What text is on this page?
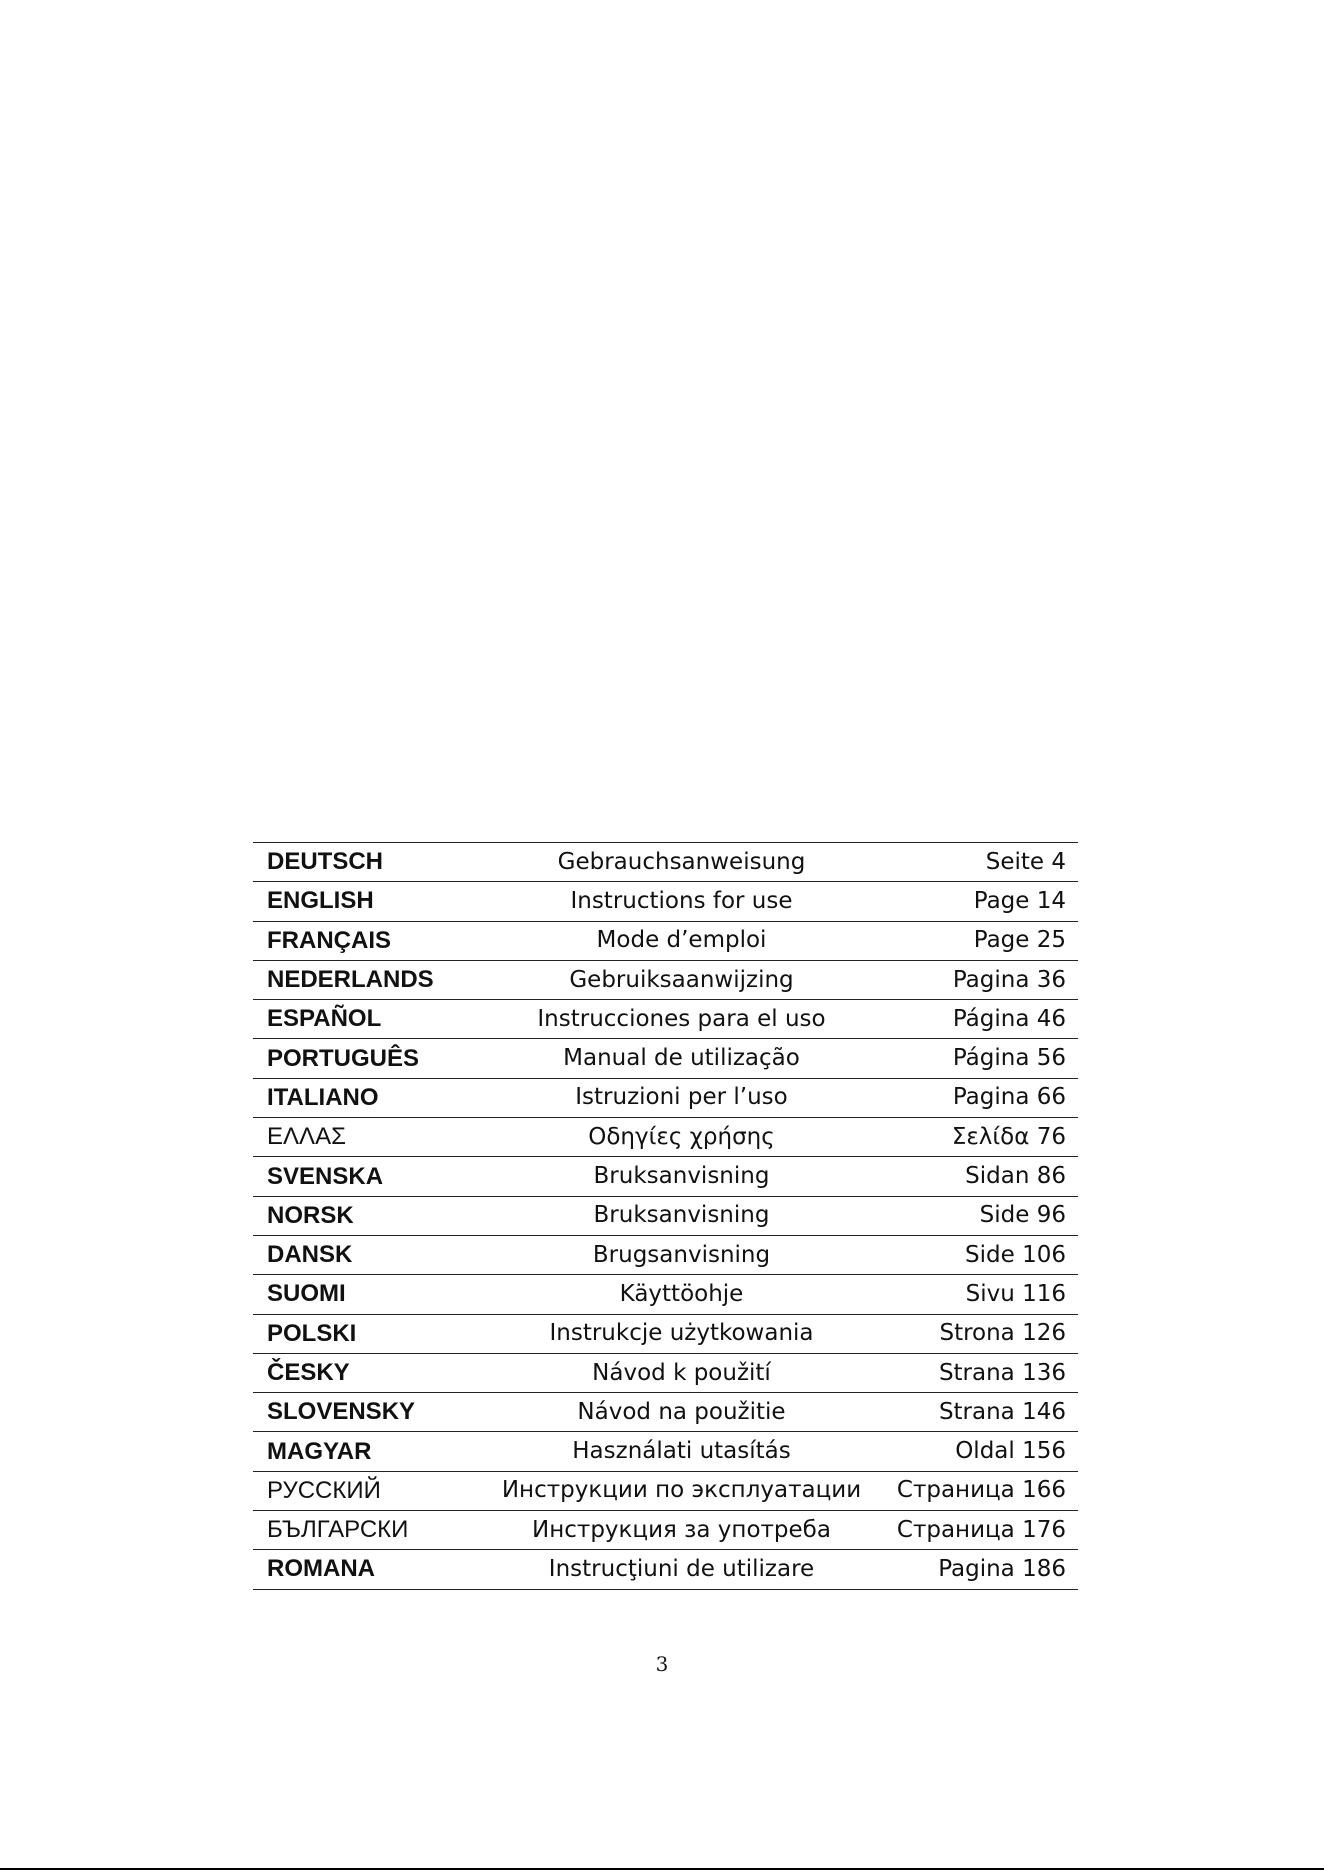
DEUTSCH	Gebrauchsanweisung	Seite 4
ENGLISH	Instructions for use	Page 14
FRANÇAIS	Mode d’emploi	Page 25
NEDERLANDS	Gebruiksaanwijzing	Pagina 36
ESPAÑOL	Instrucciones para el uso	Página 46
PORTUGUÊS	Manual de utilização	Página 56
ITALIANO	Istruzioni per l’uso	Pagina 66
ΕΛΛΑΣ	Οδηγίες χρήσης	Σελίδα 76
SVENSKA	Bruksanvisning	Sidan 86
NORSK	Bruksanvisning	Side 96
DANSK	Brugsanvisning	Side 106
SUOMI	Käyttöohje	Sivu 116
POLSKI	Instrukcje użytkowania	Strona 126
ČESKY	Návod k použití	Strana 136
SLOVENSKY	Návod na použitie	Strana 146
MAGYAR	Használati utasítás	Oldal 156
РУССКИЙ	Инструкции по эксплуатации	Страница 166
БЪЛГАРСКИ	Инструкция за употреба	Страница 176
ROMANA	Instrucţiuni de utilizare	Pagina 186
3
